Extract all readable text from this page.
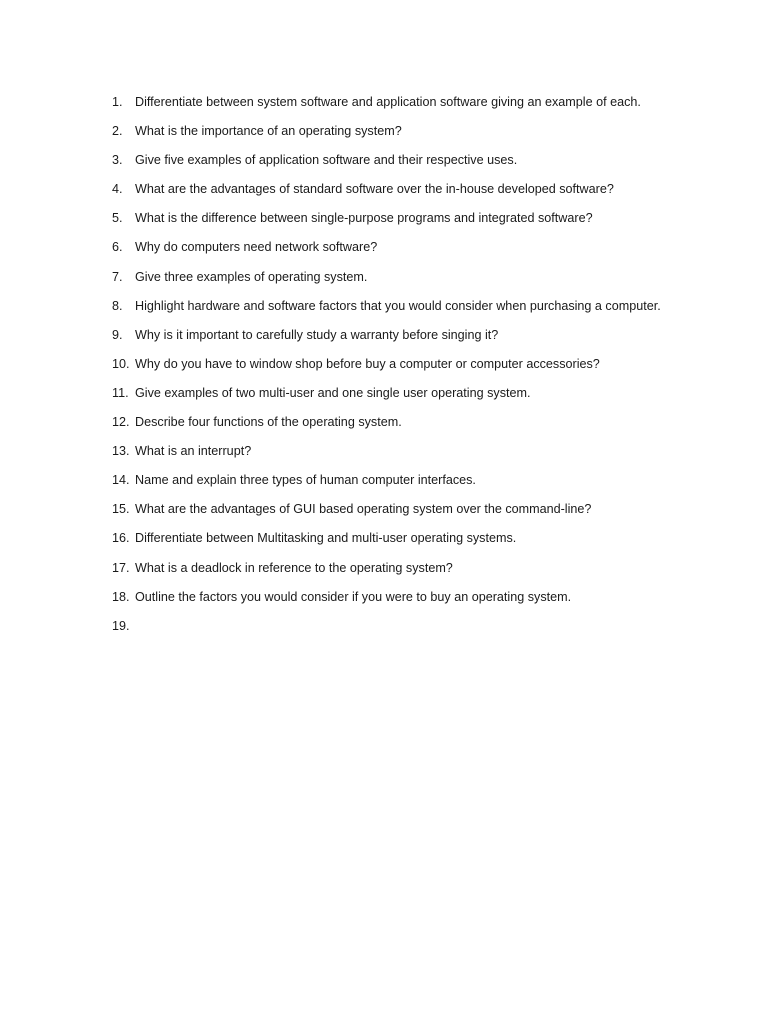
1. Differentiate between system software and application software giving an example of each.
2. What is the importance of an operating system?
3. Give five examples of application software and their respective uses.
4. What are the advantages of standard software over the in-house developed software?
5. What is the difference between single-purpose programs and integrated software?
6. Why do computers need network software?
7. Give three examples of operating system.
8. Highlight hardware and software factors that you would consider when purchasing a computer.
9. Why is it important to carefully study a warranty before singing it?
10. Why do you have to window shop before buy a computer or computer accessories?
11. Give examples of two multi-user and one single user operating system.
12. Describe four functions of the operating system.
13. What is an interrupt?
14. Name and explain three types of human computer interfaces.
15. What are the advantages of GUI based operating system over the command-line?
16. Differentiate between Multitasking and multi-user operating systems.
17. What is a deadlock in reference to the operating system?
18. Outline the factors you would consider if you were to buy an operating system.
19.
